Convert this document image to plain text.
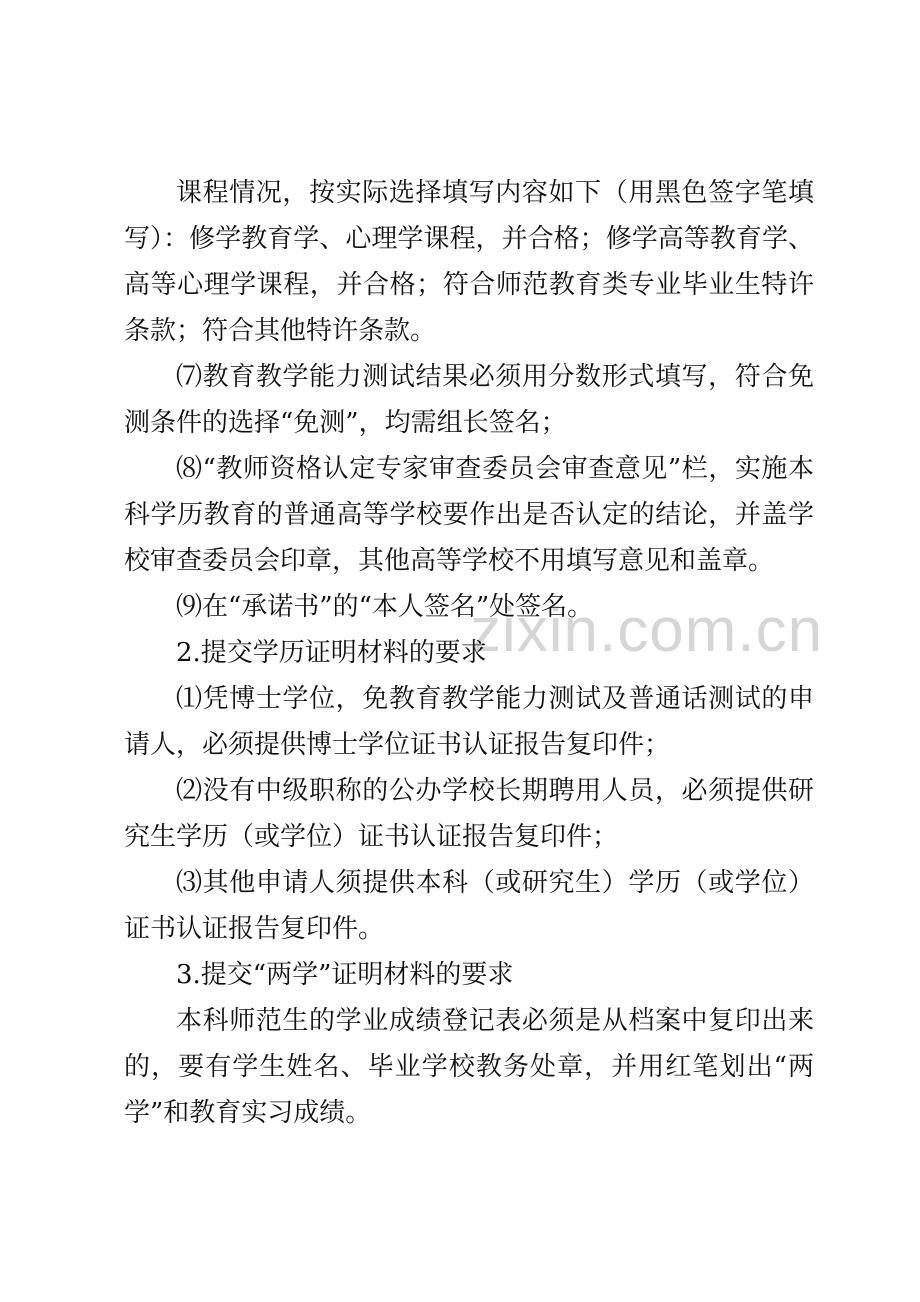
zixin.com.cn

课程情况，按实际选择填写内容如下（用黑色签字笔填写）：修学教育学、心理学课程，并合格；修学高等教育学、高等心理学课程，并合格；符合师范教育类专业毕业生特许条款；符合其他特许条款。

⑺教育教学能力测试结果必须用分数形式填写，符合免测条件的选择“免测”，均需组长签名；

⑻“教师资格认定专家审查委员会审查意见”栏，实施本科学历教育的普通高等学校要作出是否认定的结论，并盖学校审查委员会印章，其他高等学校不用填写意见和盖章。

⑼在“承诺书”的“本人签名”处签名。

2.提交学历证明材料的要求

⑴凭博士学位，免教育教学能力测试及普通话测试的申请人，必须提供博士学位证书认证报告复印件；

⑵没有中级职称的公办学校长期聘用人员，必须提供研究生学历（或学位）证书认证报告复印件；

⑶其他申请人须提供本科（或研究生）学历（或学位）证书认证报告复印件。

3.提交“两学”证明材料的要求

本科师范生的学业成绩登记表必须是从档案中复印出来的，要有学生姓名、毕业学校教务处章，并用红笔划出“两学”和教育实习成绩。
